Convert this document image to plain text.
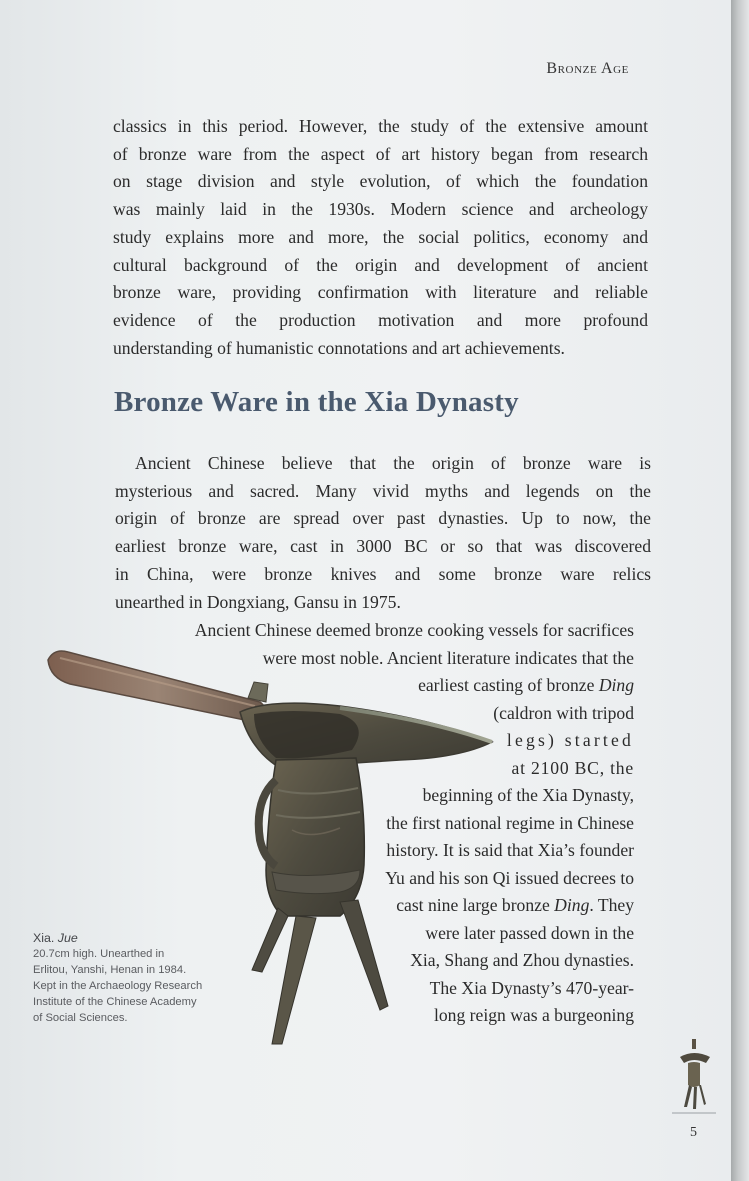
Bronze Age

classics in this period. However, the study of the extensive amount
of bronze ware from the aspect of art history began from research
on stage division and style evolution, of which the foundation
was mainly laid in the 1930s. Modern science and archeology
study explains more and more, the social politics, economy and
cultural background of the origin and development of ancient
bronze ware, providing confirmation with literature and reliable
evidence of the production motivation and more profound
understanding of humanistic connotations and art achievements.

Bronze Ware in the Xia Dynasty

Ancient Chinese believe that the origin of bronze ware is
mysterious and sacred. Many vivid myths and legends on the
origin of bronze are spread over past dynasties. Up to now, the
earliest bronze ware, cast in 3000 BC or so that was discovered
in China, were bronze knives and some bronze ware relics
unearthed in Dongxiang, Gansu in 1975.

Ancient Chinese deemed bronze cooking vessels for sacrifices
were most noble. Ancient literature indicates that the
earliest casting of bronze Ding
(caldron with tripod
legs) started
at 2100 BC, the
beginning of the Xia Dynasty,
the first national regime in Chinese
history. It is said that Xia’s founder
Yu and his son Qi issued decrees to
cast nine large bronze Ding. They
were later passed down in the
Xia, Shang and Zhou dynasties.
The Xia Dynasty’s 470-year-
long reign was a burgeoning
Xia. Jue
20.7cm high. Unearthed in
Erlitou, Yanshi, Henan in 1984.
Kept in the Archaeology Research
Institute of the Chinese Academy
of Social Sciences.
5
